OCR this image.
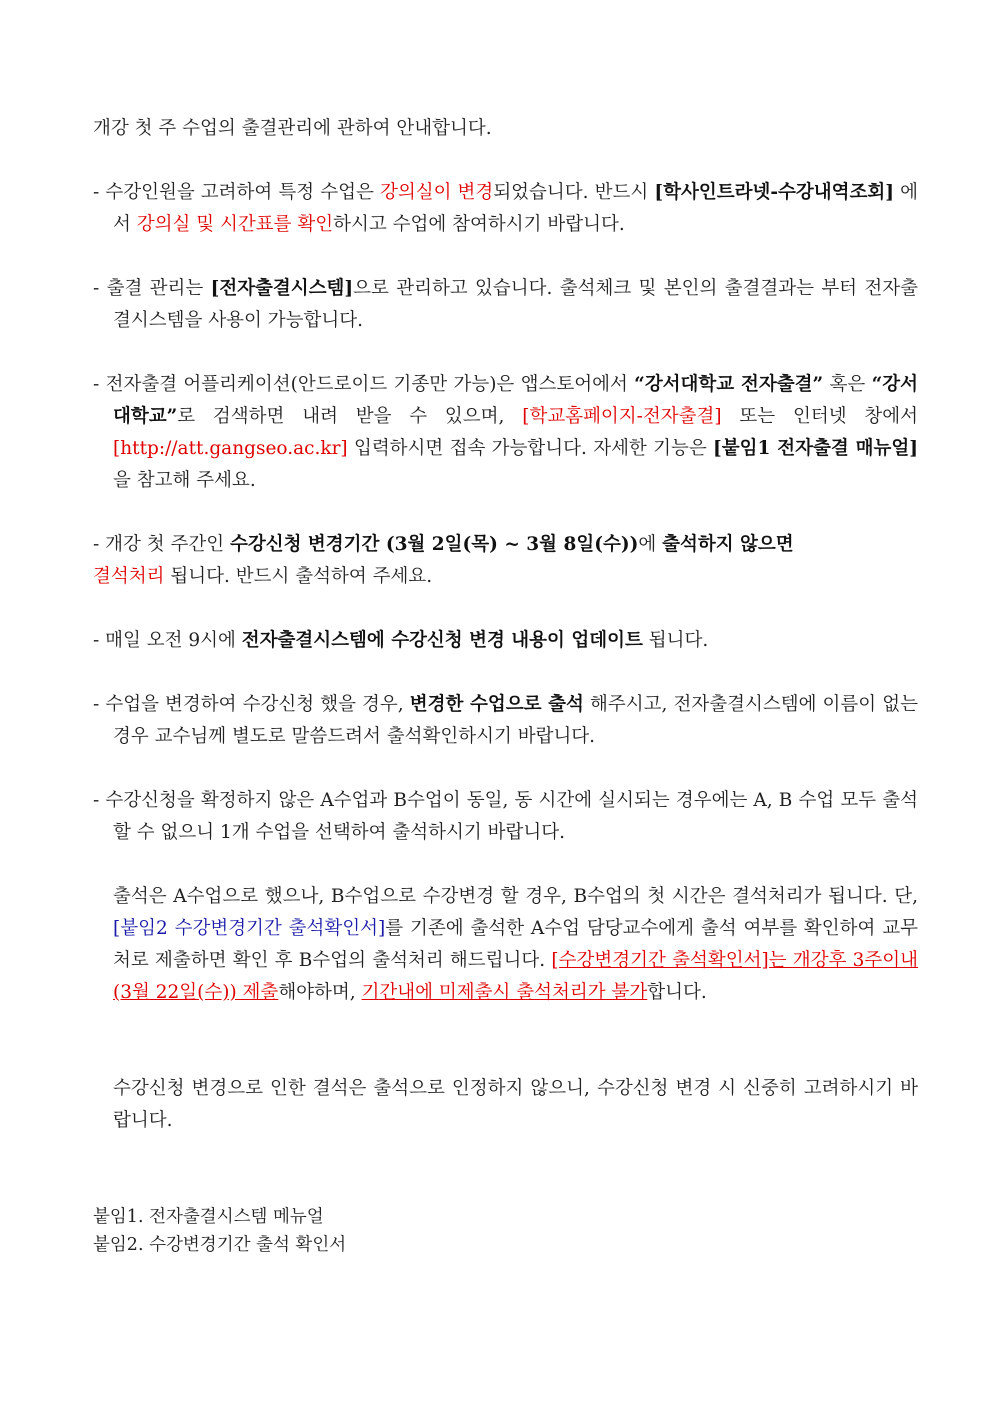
개강 첫 주 수업의 출결관리에 관하여 안내합니다.
- 수강인원을 고려하여 특정 수업은 강의실이 변경되었습니다. 반드시 [학사인트라넷-수강내역조회] 에서 강의실 및 시간표를 확인하시고 수업에 참여하시기 바랍니다.
- 출결 관리는 [전자출결시스템]으로 관리하고 있습니다. 출석체크 및 본인의 출결결과는 부터 전자출결시스템을 사용이 가능합니다.
- 전자출결 어플리케이션(안드로이드 기종만 가능)은 앱스토어에서 “강서대학교 전자출결” 혹은 “강서대학교”로 검색하면 내려 받을 수 있으며, [학교홈페이지-전자출결] 또는 인터넷 창에서 [http://att.gangseo.ac.kr] 입력하시면 접속 가능합니다. 자세한 기능은 [붙임1 전자출결 매뉴얼]을 참고해 주세요.
- 개강 첫 주간인 수강신청 변경기간 (3월 2일(목) ~ 3월 8일(수))에 출석하지 않으면
결석처리 됩니다. 반드시 출석하여 주세요.
- 매일 오전 9시에 전자출결시스템에 수강신청 변경 내용이 업데이트 됩니다.
- 수업을 변경하여 수강신청 했을 경우, 변경한 수업으로 출석 해주시고, 전자출결시스템에 이름이 없는 경우 교수님께 별도로 말씀드려서 출석확인하시기 바랍니다.
- 수강신청을 확정하지 않은 A수업과 B수업이 동일, 동 시간에 실시되는 경우에는 A, B 수업 모두 출석할 수 없으니 1개 수업을 선택하여 출석하시기 바랍니다.
출석은 A수업으로 했으나, B수업으로 수강변경 할 경우, B수업의 첫 시간은 결석처리가 됩니다. 단, [붙임2 수강변경기간 출석확인서]를 기존에 출석한 A수업 담당교수에게 출석 여부를 확인하여 교무처로 제출하면 확인 후 B수업의 출석처리 해드립니다. [수강변경기간 출석확인서]는 개강후 3주이내(3월 22일(수)) 제출해야하며, 기간내에 미제출시 출석처리가 불가합니다.
수강신청 변경으로 인한 결석은 출석으로 인정하지 않으니, 수강신청 변경 시 신중히 고려하시기 바랍니다.
붙임1. 전자출결시스템 메뉴얼
붙임2. 수강변경기간 출석 확인서
